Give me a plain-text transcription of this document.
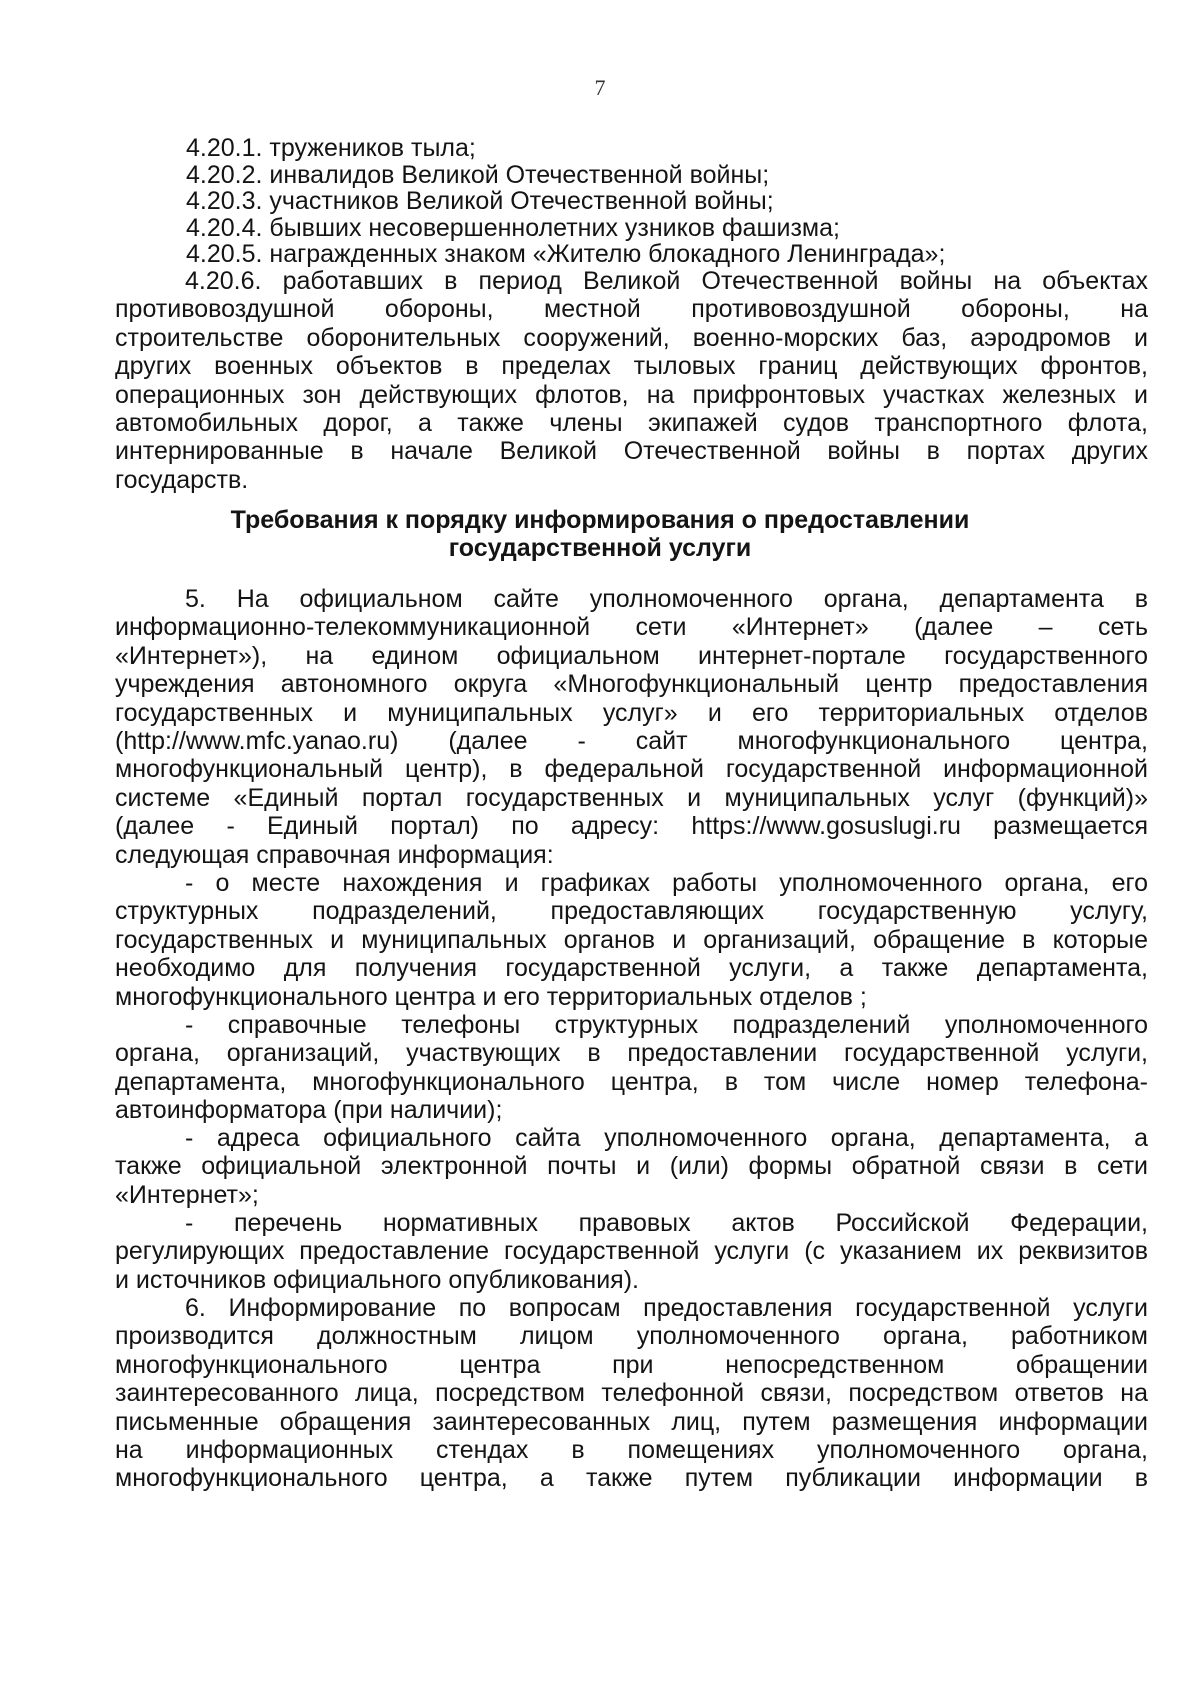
7

4.20.1. тружеников тыла;

4.20.2. инвалидов Великой Отечественной войны;

4.20.3. участников Великой Отечественной войны;

4.20.4. бывших несовершеннолетних узников фашизма;

4.20.5. награжденных знаком «Жителю блокадного Ленинграда»;

4.20.6. работавших в период Великой Отечественной войны на объектах

противовоздушной обороны, местной противовоздушной обороны, на

строительстве оборонительных сооружений, военно-морских баз, аэродромов и

других военных объектов в пределах тыловых границ действующих фронтов,

операционных зон действующих флотов, на прифронтовых участках железных и

автомобильных дорог, а также члены экипажей судов транспортного флота,

интернированные в начале Великой Отечественной войны в портах других

государств.

Требования к порядку информирования о предоставлении

государственной услуги

5. На официальном сайте уполномоченного органа, департамента в

информационно-телекоммуникационной сети «Интернет» (далее – сеть

«Интернет»), на едином официальном интернет-портале государственного

учреждения автономного округа «Многофункциональный центр предоставления

государственных и муниципальных услуг» и его территориальных отделов

(http://www.mfc.yanao.ru) (далее - сайт многофункционального центра,

многофункциональный центр), в федеральной государственной информационной

системе «Единый портал государственных и муниципальных услуг (функций)»

(далее - Единый портал) по адресу: https://www.gosuslugi.ru размещается

следующая справочная информация:

- о месте нахождения и графиках работы уполномоченного органа, его

структурных подразделений, предоставляющих государственную услугу,

государственных и муниципальных органов и организаций, обращение в которые

необходимо для получения государственной услуги, а также департамента,

многофункционального центра и его территориальных отделов ;

- справочные телефоны структурных подразделений уполномоченного

органа, организаций, участвующих в предоставлении государственной услуги,

департамента, многофункционального центра, в том числе номер телефона-

автоинформатора (при наличии);

- адреса официального сайта уполномоченного органа, департамента, а

также официальной электронной почты и (или) формы обратной связи в сети

«Интернет»;

- перечень нормативных правовых актов Российской Федерации,

регулирующих предоставление государственной услуги (с указанием их реквизитов

и источников официального опубликования).

6. Информирование по вопросам предоставления государственной услуги

производится должностным лицом уполномоченного органа, работником

многофункционального центра при непосредственном обращении

заинтересованного лица, посредством телефонной связи, посредством ответов на

письменные обращения заинтересованных лиц, путем размещения информации

на информационных стендах в помещениях уполномоченного органа,

многофункционального центра, а также путем публикации информации в
